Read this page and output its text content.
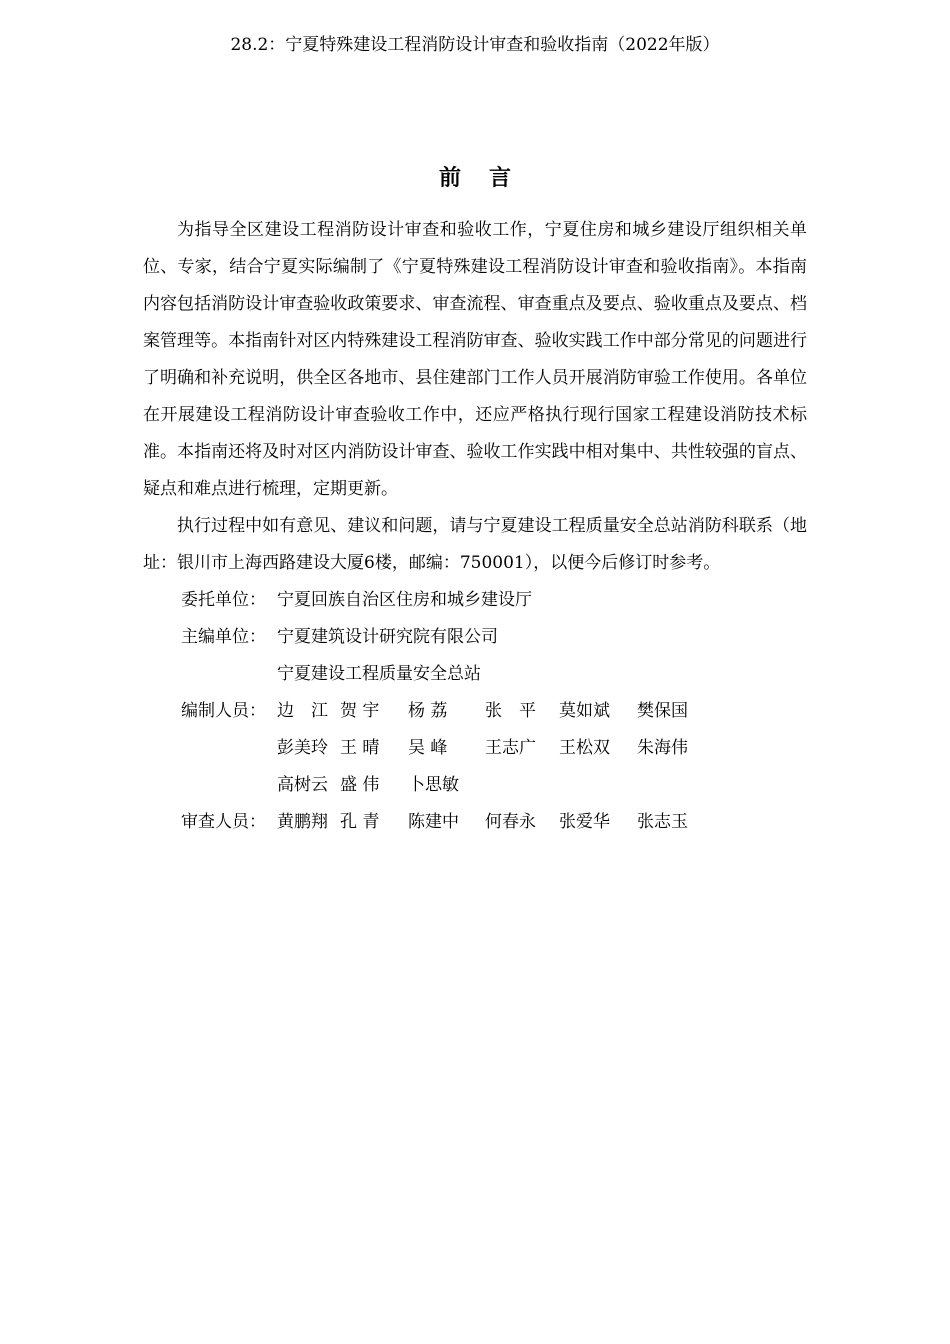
28.2：宁夏特殊建设工程消防设计审查和验收指南（2022年版）
前言

为指导全区建设工程消防设计审查和验收工作，宁夏住房和城乡建设厅组织相关单位、专家，结合宁夏实际编制了《宁夏特殊建设工程消防设计审查和验收指南》。本指南内容包括消防设计审查验收政策要求、审查流程、审查重点及要点、验收重点及要点、档案管理等。本指南针对区内特殊建设工程消防审查、验收实践工作中部分常见的问题进行了明确和补充说明，供全区各地市、县住建部门工作人员开展消防审验工作使用。各单位在开展建设工程消防设计审查验收工作中，还应严格执行现行国家工程建设消防技术标准。本指南还将及时对区内消防设计审查、验收工作实践中相对集中、共性较强的盲点、疑点和难点进行梳理，定期更新。

执行过程中如有意见、建议和问题，请与宁夏建设工程质量安全总站消防科联系（地址：银川市上海西路建设大厦6楼，邮编：750001），以便今后修订时参考。

委托单位： 宁夏回族自治区住房和城乡建设厅
主编单位： 宁夏建筑设计研究院有限公司
宁夏建设工程质量安全总站
编制人员： 边　江 贺 宇	杨 荔	张　平	莫如斌	樊保国
彭美玲 王 晴	吴 峰	王志广	王松双	朱海伟
高树云 盛 伟	卜思敏
审查人员： 黄鹏翔 孔 青	陈建中	何春永	张爱华	张志玉
